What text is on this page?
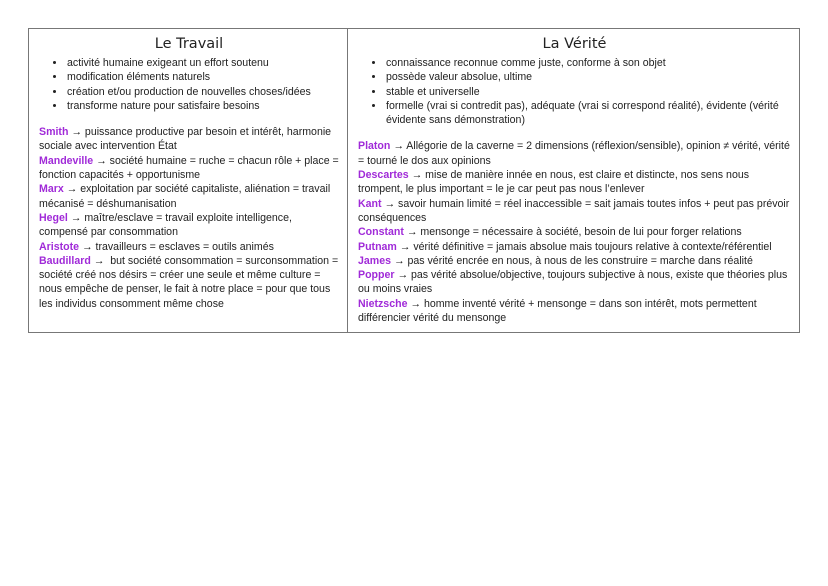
Le Travail
• activité humaine exigeant un effort soutenu
• modification éléments naturels
• création et/ou production de nouvelles choses/idées
• transforme nature pour satisfaire besoins

Smith → puissance productive par besoin et intérêt, harmonie sociale avec intervention État

Mandeville → société humaine = ruche = chacun rôle + place = fonction capacités + opportunisme

Marx → exploitation par société capitaliste, aliénation = travail mécanisé = déshumanisation

Hegel → maître/esclave = travail exploite intelligence, compensé par consommation

Aristote → travailleurs = esclaves = outils animés

Baudillard →  but société consommation = surconsommation = société créé nos désirs = créer une seule et même culture = nous empêche de penser, le fait à notre place = pour que tous les individus consomment même chose

La Vérité
• connaissance reconnue comme juste, conforme à son objet
• possède valeur absolue, ultime
• stable et universelle
• formelle (vrai si contredit pas), adéquate (vrai si correspond réalité), évidente (vérité évidente sans démonstration)

Platon → Allégorie de la caverne = 2 dimensions (réflexion/sensible), opinion ≠ vérité, vérité = tourné le dos aux opinions

Descartes → mise de manière innée en nous, est claire et distincte, nos sens nous trompent, le plus important = le je car peut pas nous l’enlever

Kant → savoir humain limité = réel inaccessible = sait jamais toutes infos + peut pas prévoir conséquences

Constant → mensonge = nécessaire à société, besoin de lui pour forger relations

Putnam → vérité définitive = jamais absolue mais toujours relative à contexte/référentiel

James → pas vérité encrée en nous, à nous de les construire = marche dans réalité

Popper → pas vérité absolue/objective, toujours subjective à nous, existe que théories plus ou moins vraies

Nietzsche → homme inventé vérité + mensonge = dans son intérêt, mots permettent différencier vérité du mensonge
